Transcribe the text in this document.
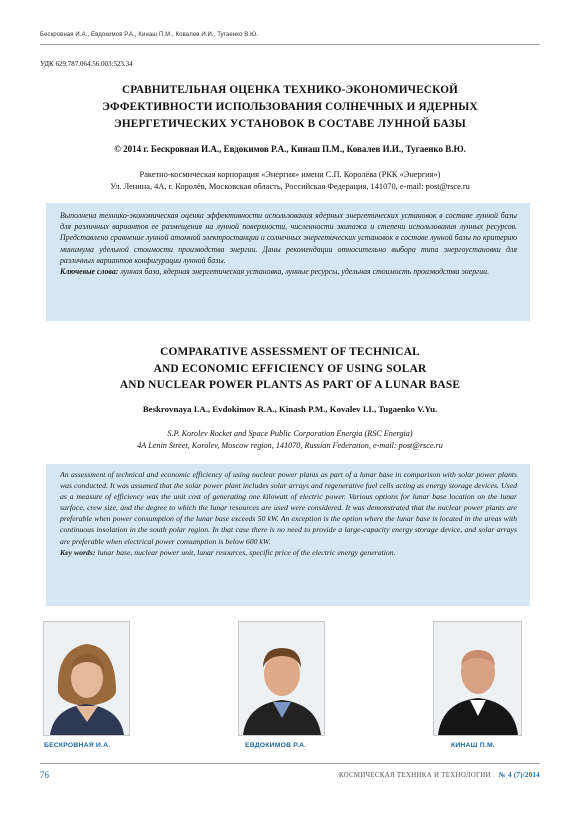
Бескровная И.А., Евдокимов Р.А., Кинаш П.М., Ковалев И.И., Тугаенко В.Ю.
УДК 629.787.064.56.003:523.34
СРАВНИТЕЛЬНАЯ ОЦЕНКА ТЕХНИКО-ЭКОНОМИЧЕСКОЙ
ЭФФЕКТИВНОСТИ ИСПОЛЬЗОВАНИЯ СОЛНЕЧНЫХ И ЯДЕРНЫХ
ЭНЕРГЕТИЧЕСКИХ УСТАНОВОК В СОСТАВЕ ЛУННОЙ БАЗЫ
© 2014 г. Бескровная И.А., Евдокимов Р.А., Кинаш П.М., Ковалев И.И., Тугаенко В.Ю.
Ракетно-космическая корпорация «Энергия» имени С.П. Королёва (РКК «Энергия»)
Ул. Ленина, 4А, г. Королёв, Московская область, Российская Федерация, 141070, e-mail: post@rsce.ru

Выполнена технико-экономическая оценка эффективности использования ядерных энергетических установок в составе лунной базы для различных вариантов ее размещения на лунной поверхности, численности экипажа и степени использования лунных ресурсов. Представлено сравнение лунной атомной электростанции и солнечных энергетических установок в составе лунной базы по критерию минимума удельной стоимости производства энергии. Даны рекомендации относительно выбора типа энергоустановки для различных вариантов конфигурации лунной базы.

Ключевые слова: лунная база, ядерная энергетическая установка, лунные ресурсы, удельная стоимость производства энергии.

COMPARATIVE ASSESSMENT OF TECHNICAL
AND ECONOMIC EFFICIENCY OF USING SOLAR
AND NUCLEAR POWER PLANTS AS PART OF A LUNAR BASE
Beskrovnaya I.A., Evdokimov R.A., Kinash P.M., Kovalev I.I., Tugaenko V.Yu.
S.P. Korolev Rocket and Space Public Corporation Energia (RSC Energia)
4A Lenin Street, Korolev, Moscow region, 141070, Russian Federation, e-mail: post@rsce.ru

An assessment of technical and economic efficiency of using nuclear power plants as part of a lunar base in comparison with solar power plants was conducted. It was assumed that the solar power plant includes solar arrays and regenerative fuel cells acting as energy storage devices. Used as a measure of efficiency was the unit cost of generating one kilowatt of electric power. Various options for lunar base location on the lunar surface, crew size, and the degree to which the lunar resources are used were considered. It was demonstrated that the nuclear power plants are preferable when power consumption of the lunar base exceeds 50 kW. An exception is the option where the lunar base is located in the areas with continuous insolation in the south polar region. In that case there is no need to provide a large-capacity energy storage device, and solar arrays are preferable when electrical power consumption is below 600 kW.

Key words: lunar base, nuclear power unit, lunar resources, specific price of the electric energy generation.

БЕСКРОВНАЯ И.А.	ЕВДОКИМОВ Р.А.	КИНАШ П.М.
76	КОСМИЧЕСКАЯ ТЕХНИКА И ТЕХНОЛОГИИ № 4 (7)/2014
